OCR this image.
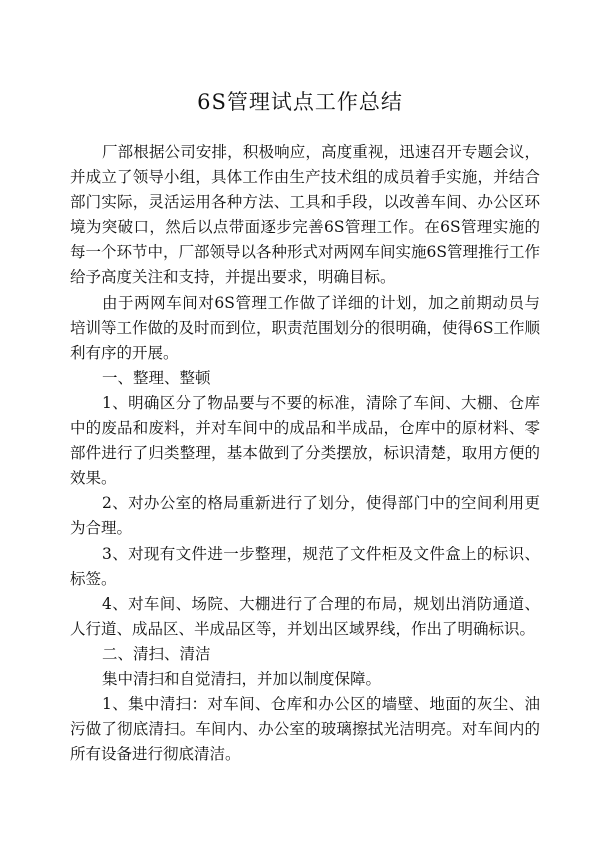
6S管理试点工作总结

厂部根据公司安排，积极响应，高度重视，迅速召开专题会议，并成立了领导小组，具体工作由生产技术组的成员着手实施，并结合部门实际，灵活运用各种方法、工具和手段，以改善车间、办公区环境为突破口，然后以点带面逐步完善6S管理工作。在6S管理实施的每一个环节中，厂部领导以各种形式对两网车间实施6S管理推行工作给予高度关注和支持，并提出要求，明确目标。

由于两网车间对6S管理工作做了详细的计划，加之前期动员与培训等工作做的及时而到位，职责范围划分的很明确，使得6S工作顺利有序的开展。

一、整理、整顿

1、明确区分了物品要与不要的标准，清除了车间、大棚、仓库中的废品和废料，并对车间中的成品和半成品，仓库中的原材料、零部件进行了归类整理，基本做到了分类摆放，标识清楚，取用方便的效果。

2、对办公室的格局重新进行了划分，使得部门中的空间利用更为合理。

3、对现有文件进一步整理，规范了文件柜及文件盒上的标识、标签。

4、对车间、场院、大棚进行了合理的布局，规划出消防通道、人行道、成品区、半成品区等，并划出区域界线，作出了明确标识。

二、清扫、清洁

集中清扫和自觉清扫，并加以制度保障。

1、集中清扫：对车间、仓库和办公区的墙壁、地面的灰尘、油污做了彻底清扫。车间内、办公室的玻璃擦拭光洁明亮。对车间内的所有设备进行彻底清洁。
